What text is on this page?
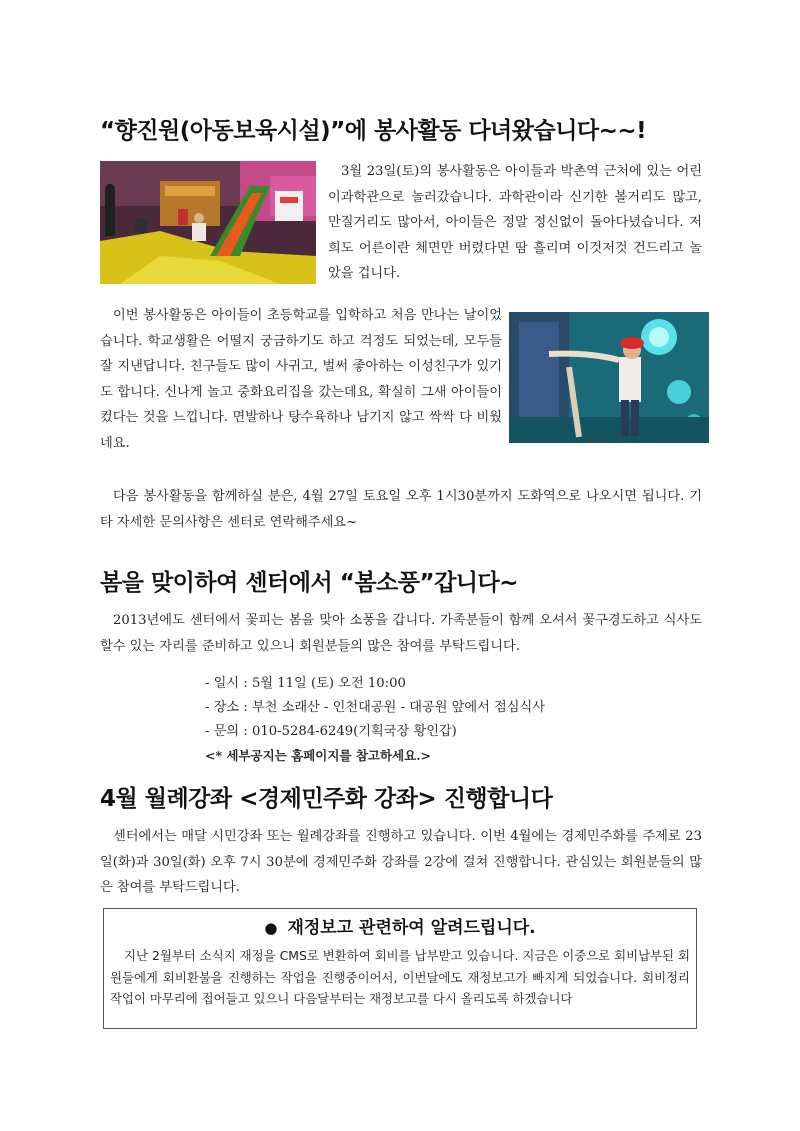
“향진원(아동보육시설)”에 봉사활동 다녀왔습니다~~!

3월 23일(토)의 봉사활동은 아이들과 박촌역 근처에 있는 어린이과학관으로 놀러갔습니다. 과학관이라 신기한 볼거리도 많고, 만질거리도 많아서, 아이들은 정말 정신없이 돌아다녔습니다. 저희도 어른이란 체면만 버렸다면 땀 흘리며 이것저것 건드리고 놀았을 겁니다.

이번 봉사활동은 아이들이 초등학교를 입학하고 처음 만나는 날이었습니다. 학교생활은 어떨지 궁금하기도 하고 걱정도 되었는데, 모두들 잘 지낸답니다. 친구들도 많이 사귀고, 벌써 좋아하는 이성친구가 있기도 합니다. 신나게 놀고 중화요리집을 갔는데요, 확실히 그새 아이들이 컸다는 것을 느낍니다. 면발하나 탕수육하나 남기지 않고 싹싹 다 비웠네요.

다음 봉사활동을 함께하실 분은, 4월 27일 토요일 오후 1시30분까지 도화역으로 나오시면 됩니다. 기타 자세한 문의사항은 센터로 연락해주세요~

봄을 맞이하여 센터에서 “봄소풍”갑니다~

2013년에도 센터에서 꽃피는 봄을 맞아 소풍을 갑니다. 가족분들이 함께 오셔서 꽃구경도하고 식사도 할수 있는 자리를 준비하고 있으니 회원분들의 많은 참여를 부탁드립니다.

- 일시 : 5월 11일 (토) 오전 10:00
- 장소 : 부천 소래산 - 인천대공원 - 대공원 앞에서 점심식사
- 문의 : 010-5284-6249(기획국장 황인갑)
<* 세부공지는 홈페이지를 참고하세요.>
4월 월례강좌 <경제민주화 강좌> 진행합니다

센터에서는 매달 시민강좌 또는 월례강좌를 진행하고 있습니다. 이번 4월에는 경제민주화를 주제로 23일(화)과 30일(화) 오후 7시 30분에 경제민주화 강좌를 2강에 걸쳐 진행합니다. 관심있는 회원분들의 많은 참여를 부탁드립니다.

● 재정보고 관련하여 알려드립니다.

지난 2월부터 소식지 재정을 CMS로 변환하여 회비를 납부받고 있습니다. 지금은 이중으로 회비납부된 회원들에게 회비환불을 진행하는 작업을 진행중이어서, 이번달에도 재정보고가 빠지게 되었습니다. 회비정리작업이 마무리에 접어들고 있으니 다음달부터는 재정보고를 다시 올리도록 하겠습니다
